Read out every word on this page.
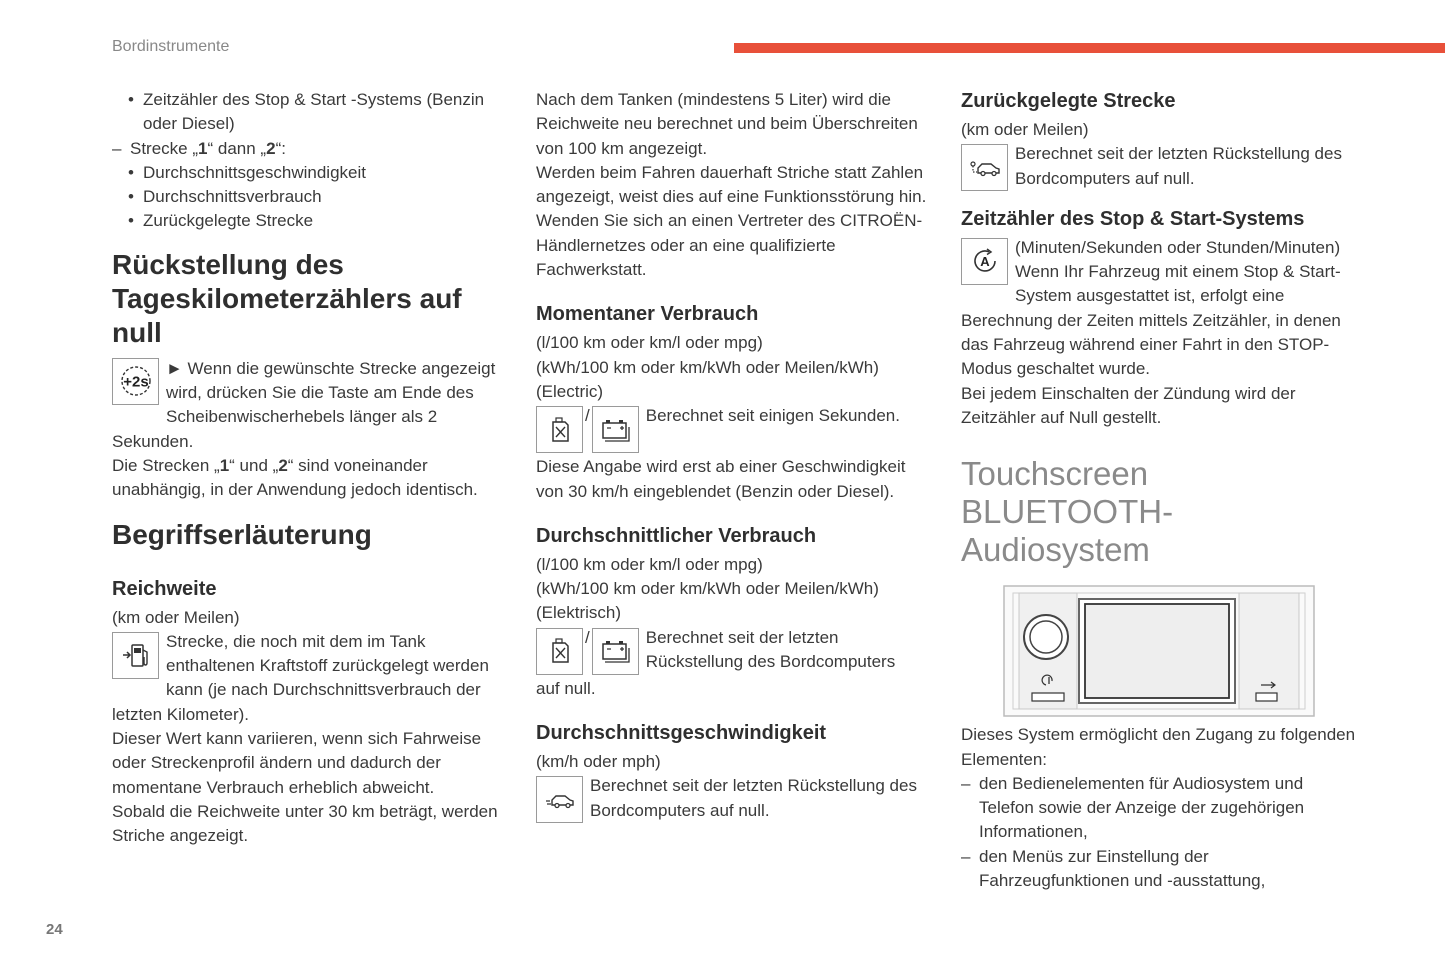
Bordinstrumente

• Zeitzähler des Stop & Start -Systems (Benzin oder Diesel)

– Strecke „1“ dann „2“:

• Durchschnittsgeschwindigkeit

• Durchschnittsverbrauch

• Zurückgelegte Strecke

Rückstellung des Tageskilometerzählers auf null
+2s

► Wenn die gewünschte Strecke angezeigt wird, drücken Sie die Taste am Ende des Scheibenwischerhebels länger als 2 Sekunden.

Die Strecken „1“ und „2“ sind voneinander unabhängig, in der Anwendung jedoch identisch.

Begriffserläuterung
Reichweite

(km oder Meilen)

Strecke, die noch mit dem im Tank enthaltenen Kraftstoff zurückgelegt werden kann (je nach Durchschnittsverbrauch der letzten Kilometer).

Dieser Wert kann variieren, wenn sich Fahrweise oder Streckenprofil ändern und dadurch der momentane Verbrauch erheblich abweicht.

Sobald die Reichweite unter 30 km beträgt, werden Striche angezeigt.

Nach dem Tanken (mindestens 5 Liter) wird die Reichweite neu berechnet und beim Überschreiten von 100 km angezeigt.

Werden beim Fahren dauerhaft Striche statt Zahlen angezeigt, weist dies auf eine Funktionsstörung hin.

Wenden Sie sich an einen Vertreter des CITROËN-Händlernetzes oder an eine qualifizierte Fachwerkstatt.

Momentaner Verbrauch

(l/100 km oder km/l oder mpg)

(kWh/100 km oder km/kWh oder Meilen/kWh)

(Electric)

/	Berechnet seit einigen Sekunden.

Diese Angabe wird erst ab einer Geschwindigkeit von 30 km/h eingeblendet (Benzin oder Diesel).

Durchschnittlicher Verbrauch

(l/100 km oder km/l oder mpg)

(kWh/100 km oder km/kWh oder Meilen/kWh)

(Elektrisch)

/	Berechnet seit der letzten Rückstellung des Bordcomputers

auf null.

Durchschnittsgeschwindigkeit

(km/h oder mph)

Berechnet seit der letzten Rückstellung des Bordcomputers auf null.

Zurückgelegte Strecke

(km oder Meilen)

Berechnet seit der letzten Rückstellung des Bordcomputers auf null.

Zeitzähler des Stop & Start-Systems
A

(Minuten/Sekunden oder Stunden/Minuten) Wenn Ihr Fahrzeug mit einem Stop & Start-System ausgestattet ist, erfolgt eine Berechnung der Zeiten mittels Zeitzähler, in denen das Fahrzeug während einer Fahrt in den STOP-Modus geschaltet wurde.

Bei jedem Einschalten der Zündung wird der Zeitzähler auf Null gestellt.

Touchscreen BLUETOOTH-Audiosystem

Dieses System ermöglicht den Zugang zu folgenden Elementen:

– den Bedienelementen für Audiosystem und Telefon sowie der Anzeige der zugehörigen Informationen,

– den Menüs zur Einstellung der Fahrzeugfunktionen und -ausstattung,

24
